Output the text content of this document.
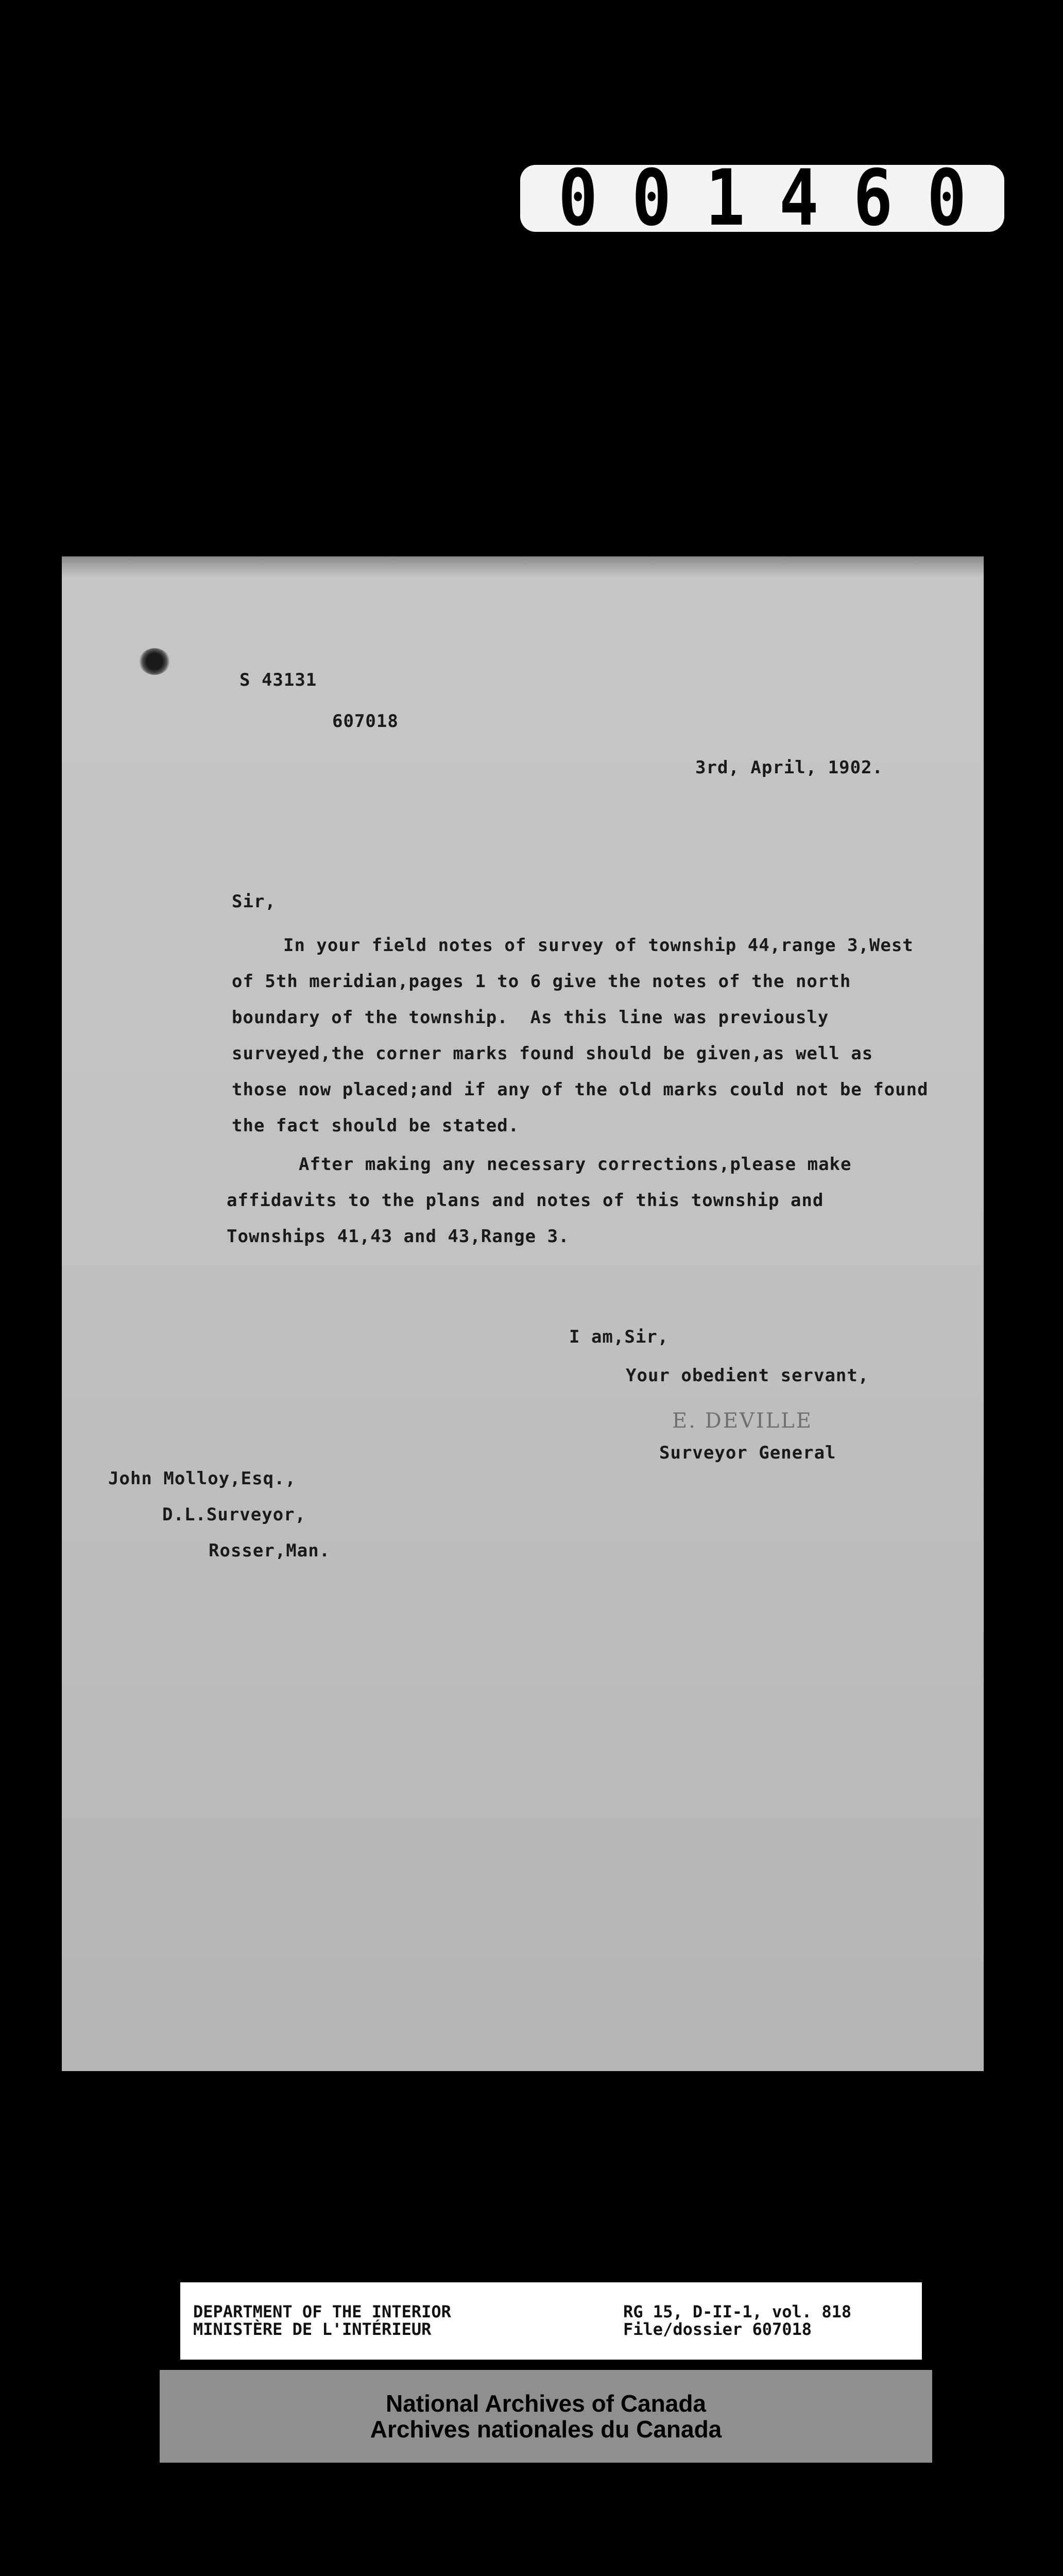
0 0 1 4 6 0
S 43131
607018
3rd, April, 1902.
Sir,
In your field notes of survey of township 44,range 3,West
of 5th meridian,pages 1 to 6 give the notes of the north
boundary of the township.  As this line was previously
surveyed,the corner marks found should be given,as well as
those now placed;and if any of the old marks could not be found
the fact should be stated.
After making any necessary corrections,please make
affidavits to the plans and notes of this township and
Townships 41,43 and 43,Range 3.
I am,Sir,
Your obedient servant,
E. DEVILLE
Surveyor General
John Molloy,Esq.,
D.L.Surveyor,
Rosser,Man.
DEPARTMENT OF THE INTERIOR
MINISTÈRE DE L'INTÉRIEUR
RG 15, D-II-1, vol. 818
File/dossier 607018
National Archives of Canada
Archives nationales du Canada
